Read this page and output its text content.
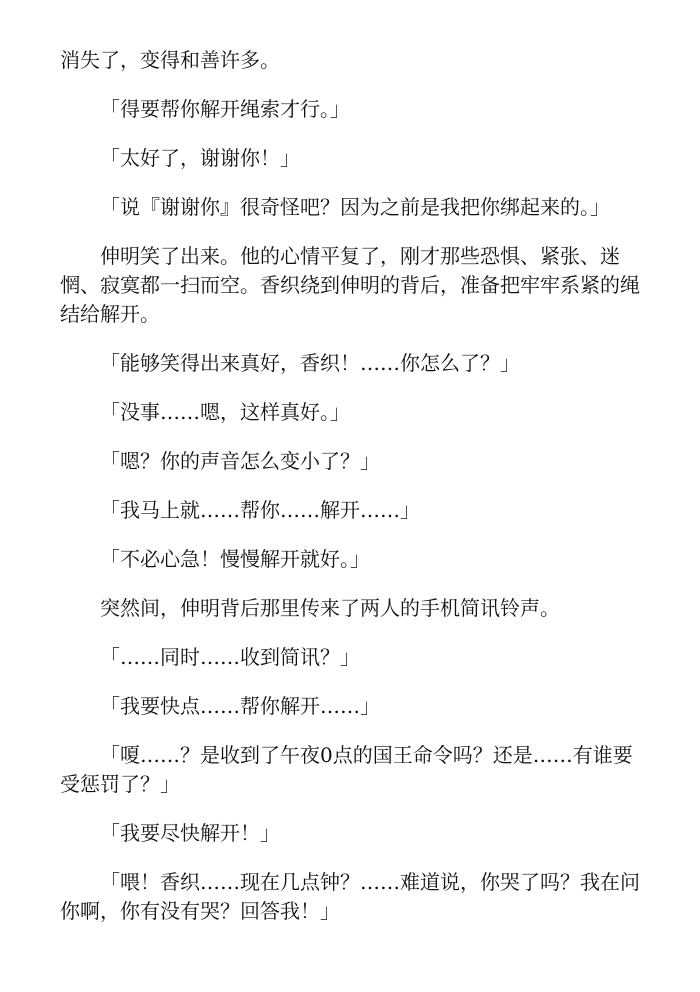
消失了，变得和善许多。

「得要帮你解开绳索才行。」

「太好了，谢谢你！」

「说『谢谢你』很奇怪吧？因为之前是我把你绑起来的。」

伸明笑了出来。他的心情平复了，刚才那些恐惧、紧张、迷惘、寂寞都一扫而空。香织绕到伸明的背后，准备把牢牢系紧的绳结给解开。

「能够笑得出来真好，香织！……你怎么了？」

「没事……嗯，这样真好。」

「嗯？你的声音怎么变小了？」

「我马上就……帮你……解开……」

「不必心急！慢慢解开就好。」

突然间，伸明背后那里传来了两人的手机简讯铃声。

「……同时……收到简讯？」

「我要快点……帮你解开……」

「嗄……？是收到了午夜0点的国王命令吗？还是……有谁要受惩罚了？」

「我要尽快解开！」

「喂！香织……现在几点钟？……难道说，你哭了吗？我在问你啊，你有没有哭？回答我！」
